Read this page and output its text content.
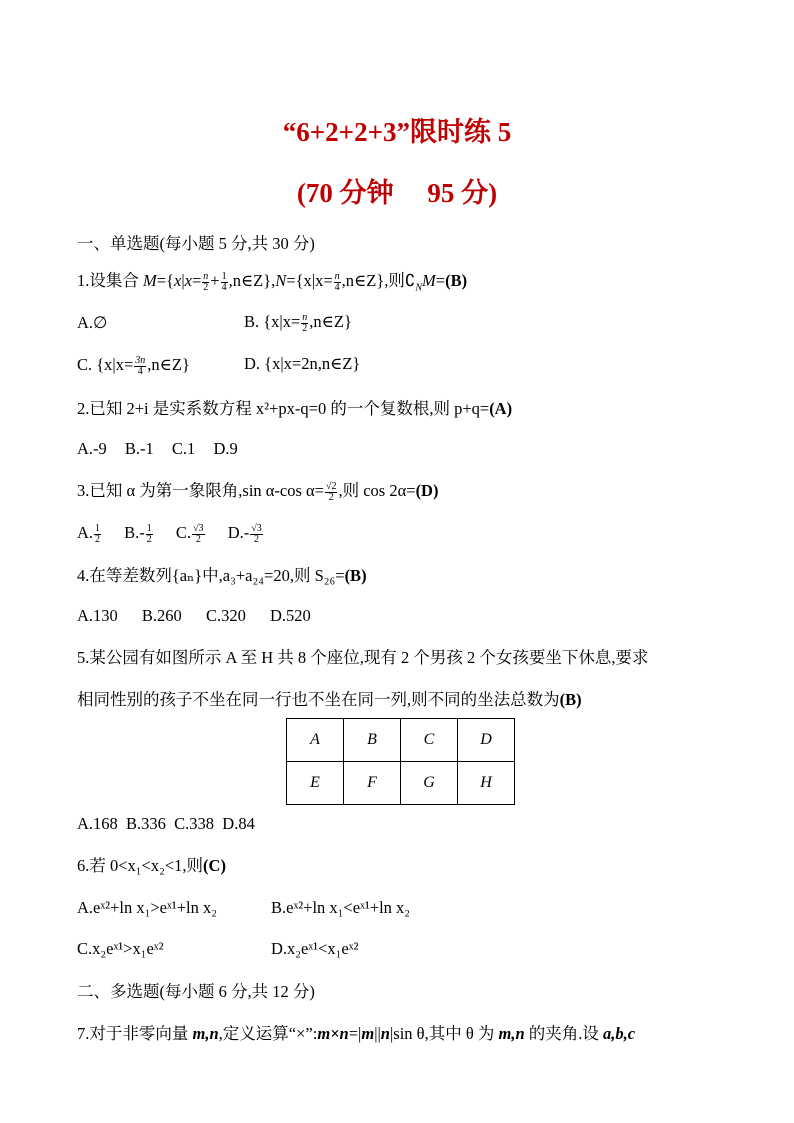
“6+2+2+3”限时练 5
(70 分钟　 95 分)
一、单选题(每小题 5 分,共 30 分)
1.设集合 $M=\{x|x= \frac{n}{2} + \frac{1}{4}$ ,n∈Z},N={x|x= $\frac{n}{4}$ ,n∈Z},则$∁_NM=(B)$
A.∅	B. {$x|x= \frac{n}{2}$ ,n∈Z}
C. {$x|x= \frac{3n}{4}$ ,n∈Z}	D. {x|x=2n,n∈Z}
2.已知 2+i 是实系数方程 x²+px-q=0 的一个复数根,则 p+q=(A)
A.-9 B.-1 C.1 D.9
3.已知 α 为第一象限角,sin α-cos $\alpha= \frac{√2}{2}$ ,则 cos 2α=(D)
A. $\frac{1}{2} B.- \frac{1}{2} C$. $\frac{√3}{2} D.- \frac{√3}{2}$
4.在等差数列{aₙ}中,a₃+a₂₄=20,则 S₂₆=(B)
A.130 B.260 C.320 D.520
5.某公园有如图所示 A 至 H 共 8 个座位,现有 2 个男孩 2 个女孩要坐下休息,要求
相同性别的孩子不坐在同一行也不坐在同一列,则不同的坐法总数为(B)
A	B	C	D
E	F	G	H
A.168  B.336  C.338  D.84
6.若 0<x₁<x₂<1,则(C)
A.eˣ²+ln x₁>eˣ¹+ln x₂	B.eˣ²+ln x₁<eˣ¹+ln x₂
C.x₂eˣ¹>x₁eˣ²	D.x₂eˣ¹<x₁eˣ²
二、多选题(每小题 6 分,共 12 分)
7.对于非零向量 m,n,定义运算“×”:m×n=|m||n|sin θ,其中 θ 为 m,n 的夹角.设 a,b,c
